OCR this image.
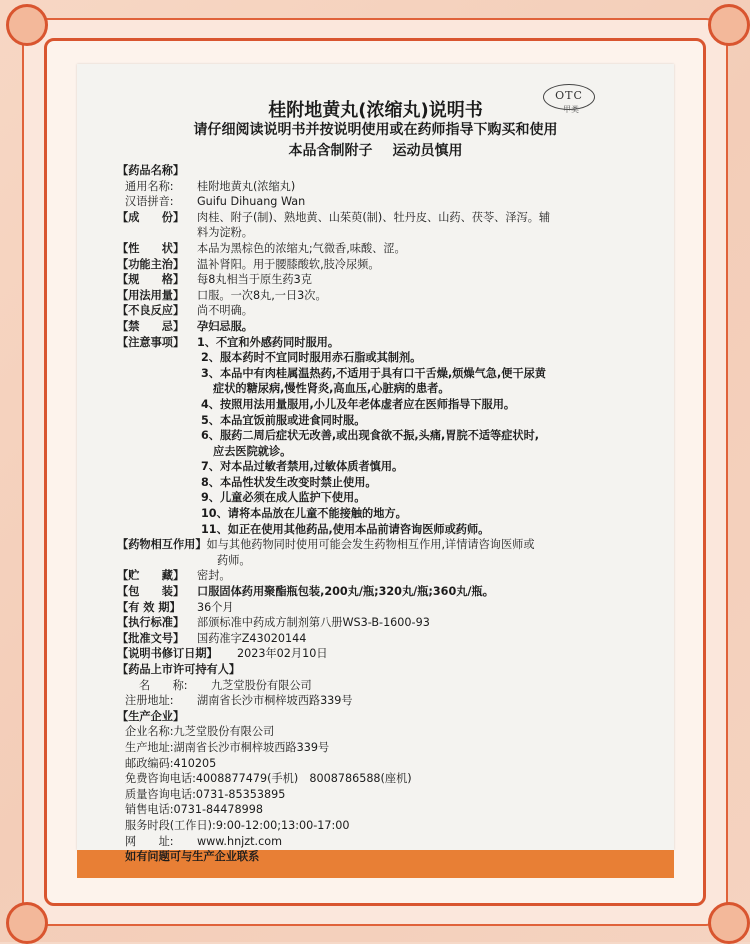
OTC
甲类
桂附地黄丸(浓缩丸)说明书
请仔细阅读说明书并按说明使用或在药师指导下购买和使用
本品含制附子 运动员慎用
【药品名称】
通用名称:	桂附地黄丸(浓缩丸)
汉语拼音:	Guifu Dihuang Wan
【成　　份】	肉桂、附子(制)、熟地黄、山茱萸(制)、牡丹皮、山药、茯苓、泽泻。辅
料为淀粉。
【性　　状】	本品为黑棕色的浓缩丸;气微香,味酸、涩。
【功能主治】	温补肾阳。用于腰膝酸软,肢冷尿频。
【规　　格】	每8丸相当于原生药3克
【用法用量】	口服。一次8丸,一日3次。
【不良反应】	尚不明确。
【禁　　忌】	孕妇忌服。
【注意事项】	1、不宜和外感药同时服用。
2、服本药时不宜同时服用赤石脂或其制剂。
3、本品中有肉桂属温热药,不适用于具有口干舌燥,烦燥气急,便干尿黄
症状的糖尿病,慢性肾炎,高血压,心脏病的患者。
4、按照用法用量服用,小儿及年老体虚者应在医师指导下服用。
5、本品宜饭前服或进食同时服。
6、服药二周后症状无改善,或出现食欲不振,头痛,胃脘不适等症状时,
应去医院就诊。
7、对本品过敏者禁用,过敏体质者慎用。
8、本品性状发生改变时禁止使用。
9、儿童必须在成人监护下使用。
10、请将本品放在儿童不能接触的地方。
11、如正在使用其他药品,使用本品前请咨询医师或药师。
【药物相互作用】 如与其他药物同时使用可能会发生药物相互作用,详情请咨询医师或
药师。
【贮　　藏】	密封。
【包　　装】	口服固体药用聚酯瓶包装,200丸/瓶;320丸/瓶;360丸/瓶。
【有 效 期】	36个月
【执行标准】	部颁标准中药成方制剂第八册WS3-B-1600-93
【批准文号】	国药准字Z43020144
【说明书修订日期】	2023年02月10日
【药品上市许可持有人】
名　　称:	九芝堂股份有限公司
注册地址:	湖南省长沙市桐梓坡西路339号
【生产企业】
企业名称: 九芝堂股份有限公司
生产地址: 湖南省长沙市桐梓坡西路339号
邮政编码: 410205
免费咨询电话: 4008877479(手机)　8008786588(座机)
质量咨询电话: 0731-85353895
销售电话: 0731-84478998
服务时段(工作日): 9:00-12:00;13:00-17:00
网　　址:	www.hnjzt.com
如有问题可与生产企业联系
